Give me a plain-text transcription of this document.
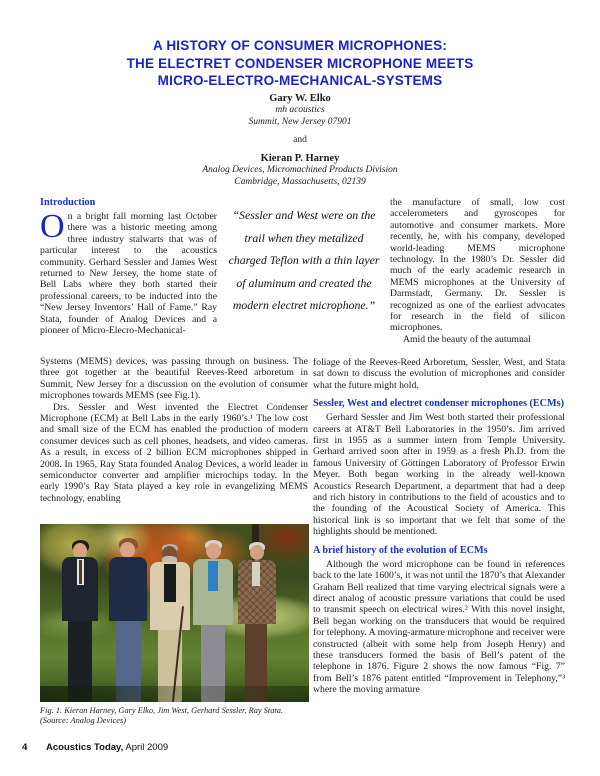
A HISTORY OF CONSUMER MICROPHONES:
THE ELECTRET CONDENSER MICROPHONE MEETS
MICRO-ELECTRO-MECHANICAL-SYSTEMS
Gary W. Elko
mh acoustics
Summit, New Jersey 07901
and
Kieran P. Harney
Analog Devices, Micromachined Products Division
Cambridge, Massachusetts, 02139
Introduction

On a bright fall morning last October there was a historic meeting among three industry stalwarts that was of particular interest to the acoustics community. Gerhard Sessler and James West returned to New Jersey, the home state of Bell Labs where they both started their professional careers, to be inducted into the “New Jersey Inventors’ Hall of Fame.” Ray Stata, founder of Analog Devices and a pioneer of Micro-Elecro-Mechanical-

“Sessler and West were on the trail when they metalized charged Teflon with a thin layer of aluminum and created the modern electret microphone.”

the manufacture of small, low cost accelerometers and gyroscopes for automotive and consumer markets. More recently, he, with his company, developed world-leading MEMS microphone technology. In the 1980’s Dr. Sessler did much of the early academic research in MEMS microphones at the University of Darmstadt, Germany. Dr. Sessler is recognized as one of the earliest advocates for research in the field of silicon microphones.

Amid the beauty of the autumnal

Systems (MEMS) devices, was passing through on business. The three got together at the beautiful Reeves-Reed arboretum in Summit, New Jersey for a discussion on the evolution of consumer microphones towards MEMS (see Fig.1).

Drs. Sessler and West invented the Electret Condenser Microphone (ECM) at Bell Labs in the early 1960’s.¹ The low cost and small size of the ECM has enabled the production of modern consumer devices such as cell phones, headsets, and video cameras. As a result, in excess of 2 billion ECM microphones shipped in 2008. In 1965, Ray Stata founded Analog Devices, a world leader in semiconductor converter and amplifier microchips today. In the early 1990’s Ray Stata played a key role in evangelizing MEMS technology, enabling

foliage of the Reeves-Reed Arboretum, Sessler, West, and Stata sat down to discuss the evolution of microphones and consider what the future might hold.

Sessler, West and electret condenser microphones (ECMs)

Gerhard Sessler and Jim West both started their professional careers at AT&T Bell Laboratories in the 1950’s. Jim arrived first in 1955 as a summer intern from Temple University. Gerhard arrived soon after in 1959 as a fresh Ph.D. from the famous University of Göttingen Laboratory of Professor Erwin Meyer. Both began working in the already well-known Acoustics Research Department, a department that had a deep and rich history in contributions to the field of acoustics and to the founding of the Acoustical Society of America. This historical link is so important that we felt that some of the highlights should be mentioned.

A brief history of the evolution of ECMs

Although the word microphone can be found in references back to the late 1600’s, it was not until the 1870’s that Alexander Graham Bell realized that time varying electrical signals were a direct analog of acoustic pressure variations that could be used to transmit speech on electrical wires.² With this novel insight, Bell began working on the transducers that would be required for telephony. A moving-armature microphone and receiver were constructed (albeit with some help from Joseph Henry) and these transducers formed the basis of Bell’s patent of the telephone in 1876. Figure 2 shows the now famous “Fig. 7” from Bell’s 1876 patent entitled “Improvement in Telephony,”³ where the moving armature

Fig. 1. Kieran Harney, Gary Elko, Jim West, Gerhard Sessler, Ray Stata. (Source: Analog Devices)
4 Acoustics Today, April 2009
